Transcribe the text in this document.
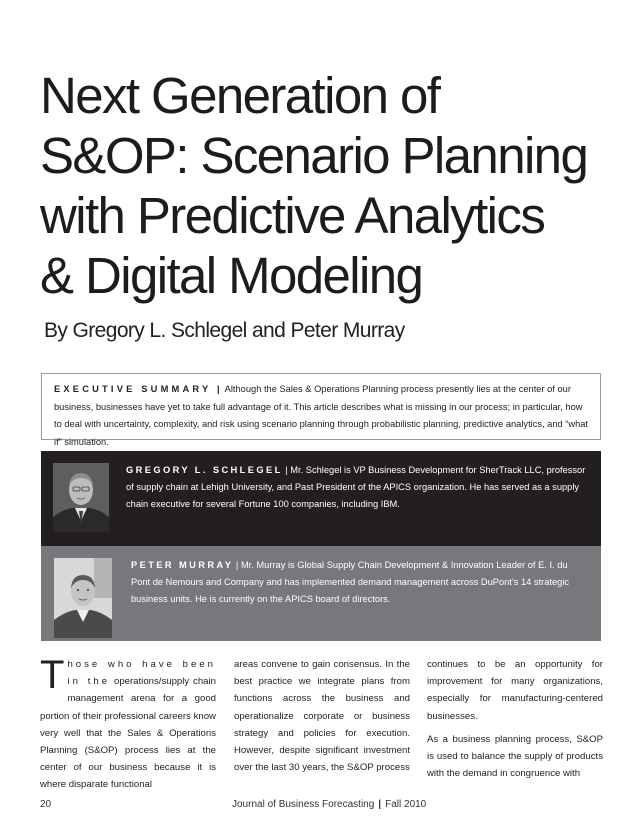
Next Generation of
S&OP: Scenario Planning
with Predictive Analytics
& Digital Modeling
By Gregory L. Schlegel and Peter Murray
EXECUTIVE SUMMARY | Although the Sales & Operations Planning process presently lies at the center of our business, businesses have yet to take full advantage of it. This article describes what is missing in our process; in particular, how to deal with uncertainty, complexity, and risk using scenario planning through probabilistic planning, predictive analytics, and “what if” simulation.
GREGORY L. SCHLEGEL | Mr. Schlegel is VP Business Development for SherTrack LLC, professor of supply chain at Lehigh University, and Past President of the APICS organization. He has served as a supply chain executive for several Fortune 100 companies, including IBM.
PETER MURRAY | Mr. Murray is Global Supply Chain Development & Innovation Leader of E. I. du Pont de Nemours and Company and has implemented demand management across DuPont’s 14 strategic business units. He is currently on the APICS board of directors.
Those who have been in the operations/supply chain management arena for a good portion of their professional careers know very well that the Sales & Operations Planning (S&OP) process lies at the center of our business because it is where disparate functional
areas convene to gain consensus. In the best practice we integrate plans from functions across the business and operationalize corporate or business strategy and policies for execution. However, despite significant investment over the last 30 years, the S&OP process

continues to be an opportunity for improvement for many organizations, especially for manufacturing-centered businesses.

As a business planning process, S&OP is used to balance the supply of products with the demand in congruence with

20	Journal of Business Forecasting | Fall 2010
